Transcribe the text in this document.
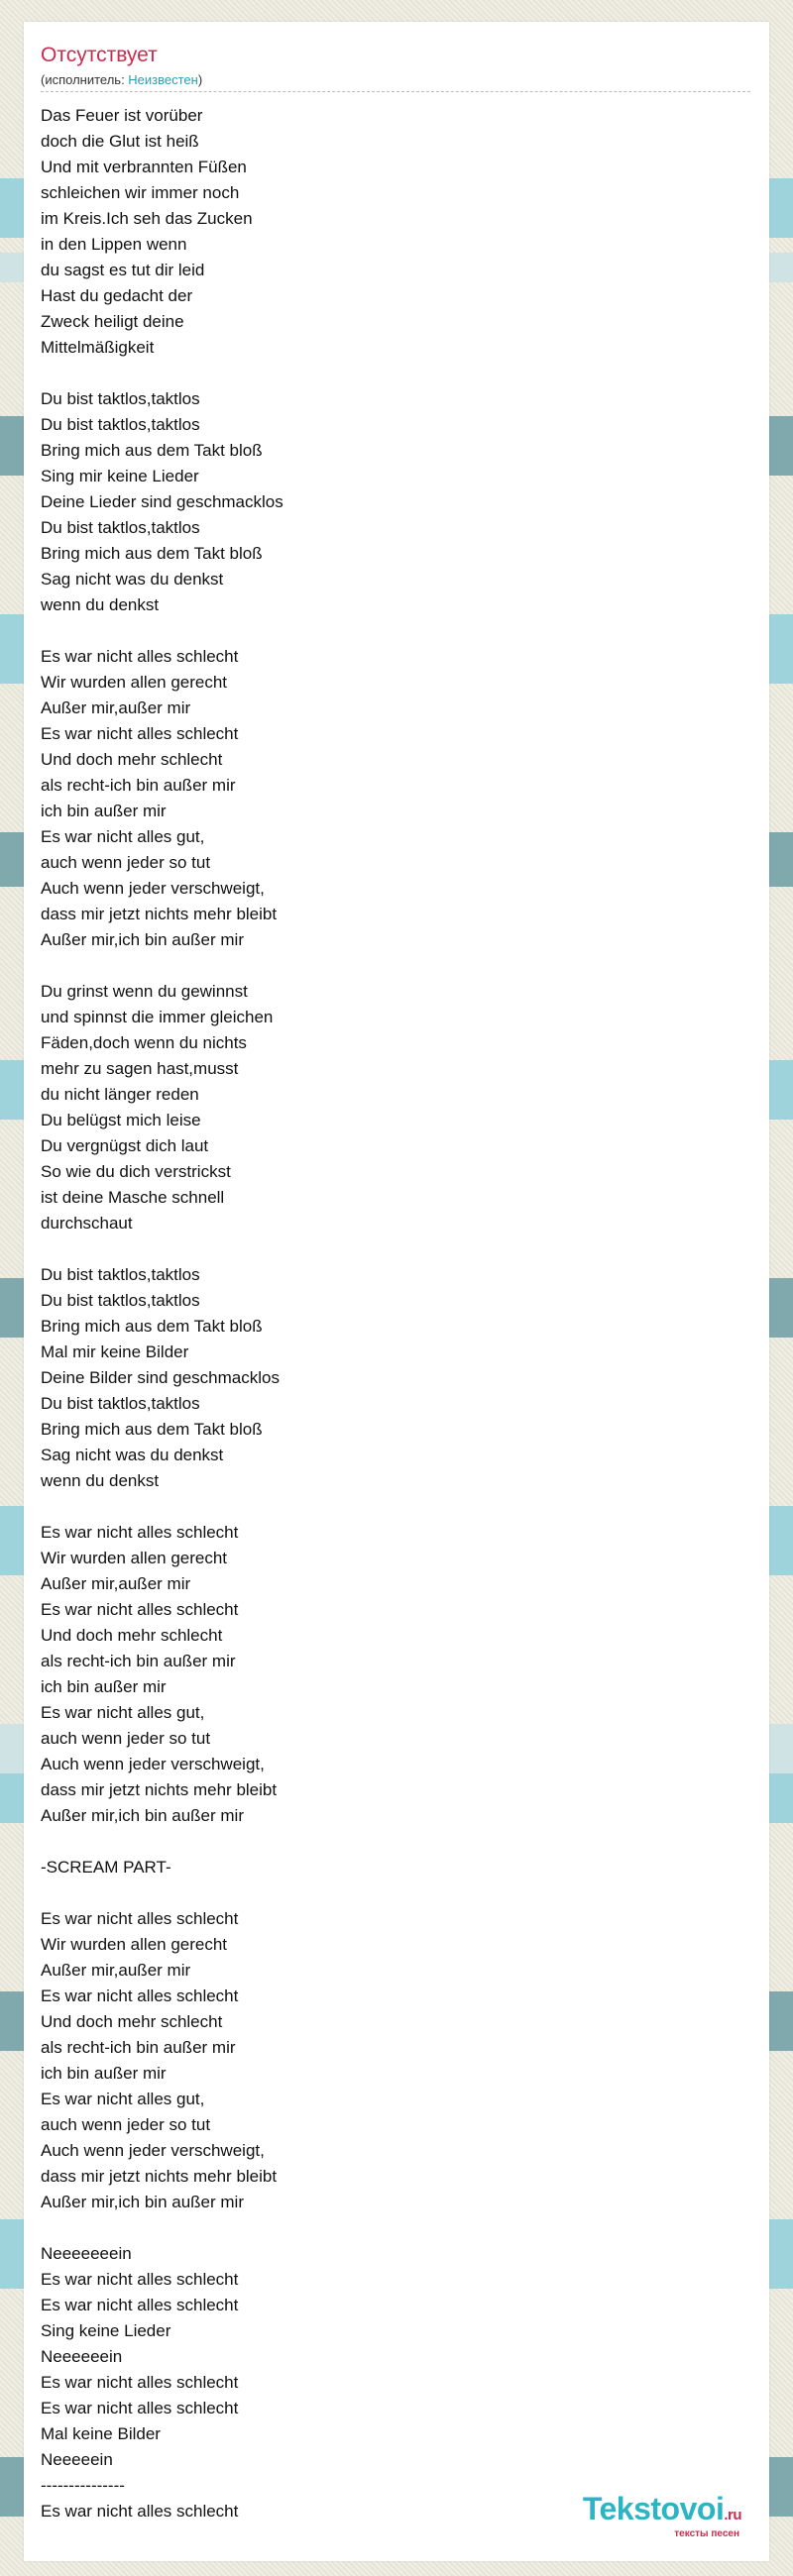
Отсутствует
(исполнитель: Неизвестен)
Das Feuer ist vorüber
doch die Glut ist heiß
Und mit verbrannten Füßen
schleichen wir immer noch
im Kreis.Ich seh das Zucken
in den Lippen wenn
du sagst es tut dir leid
Hast du gedacht der
Zweck heiligt deine
Mittelmäßigkeit
Du bist taktlos,taktlos
Du bist taktlos,taktlos
Bring mich aus dem Takt bloß
Sing mir keine Lieder
Deine Lieder sind geschmacklos
Du bist taktlos,taktlos
Bring mich aus dem Takt bloß
Sag nicht was du denkst
wenn du denkst
Es war nicht alles schlecht
Wir wurden allen gerecht
Außer mir,außer mir
Es war nicht alles schlecht
Und doch mehr schlecht
als recht-ich bin außer mir
ich bin außer mir
Es war nicht alles gut,
auch wenn jeder so tut
Auch wenn jeder verschweigt,
dass mir jetzt nichts mehr bleibt
Außer mir,ich bin außer mir
Du grinst wenn du gewinnst
und spinnst die immer gleichen
Fäden,doch wenn du nichts
mehr zu sagen hast,musst
du nicht länger reden
Du belügst mich leise
Du vergnügst dich laut
So wie du dich verstrickst
ist deine Masche schnell
durchschaut
Du bist taktlos,taktlos
Du bist taktlos,taktlos
Bring mich aus dem Takt bloß
Mal mir keine Bilder
Deine Bilder sind geschmacklos
Du bist taktlos,taktlos
Bring mich aus dem Takt bloß
Sag nicht was du denkst
wenn du denkst
Es war nicht alles schlecht
Wir wurden allen gerecht
Außer mir,außer mir
Es war nicht alles schlecht
Und doch mehr schlecht
als recht-ich bin außer mir
ich bin außer mir
Es war nicht alles gut,
auch wenn jeder so tut
Auch wenn jeder verschweigt,
dass mir jetzt nichts mehr bleibt
Außer mir,ich bin außer mir
-SCREAM PART-
Es war nicht alles schlecht
Wir wurden allen gerecht
Außer mir,außer mir
Es war nicht alles schlecht
Und doch mehr schlecht
als recht-ich bin außer mir
ich bin außer mir
Es war nicht alles gut,
auch wenn jeder so tut
Auch wenn jeder verschweigt,
dass mir jetzt nichts mehr bleibt
Außer mir,ich bin außer mir
Neeeeeeein
Es war nicht alles schlecht
Es war nicht alles schlecht
Sing keine Lieder
Neeeeeein
Es war nicht alles schlecht
Es war nicht alles schlecht
Mal keine Bilder
Neeeeein
---------------
Es war nicht alles schlecht	Tekstovoi.ru
тексты песен
